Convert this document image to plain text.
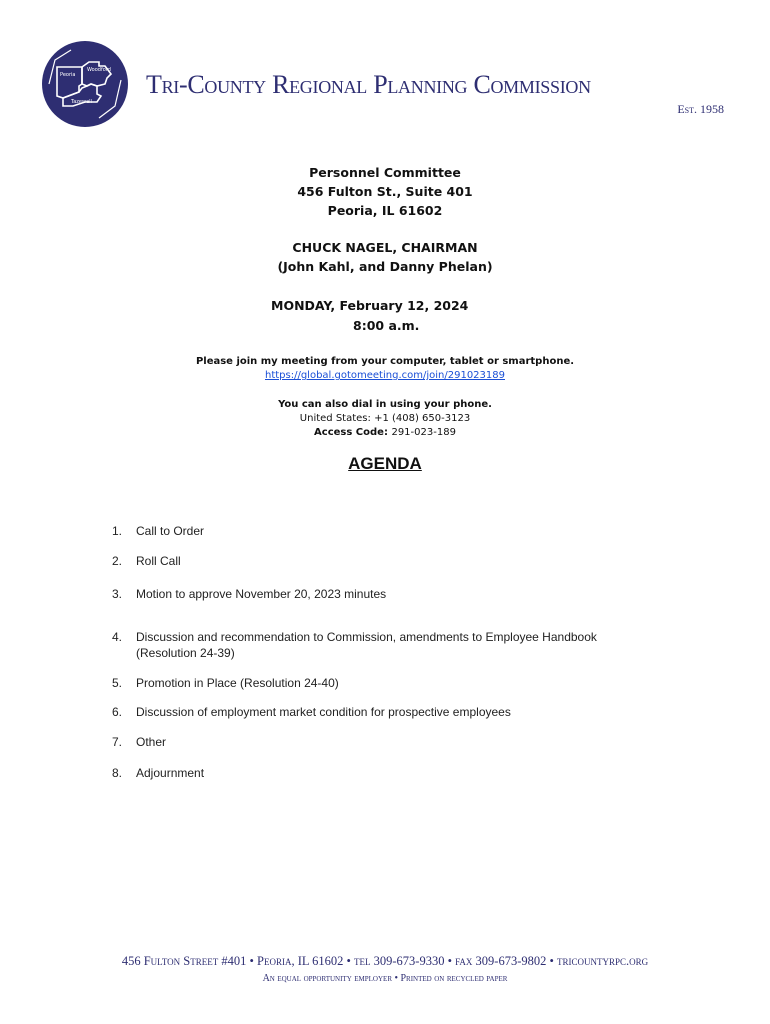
Peoria
Woodford
Tazewell
Tri-County Regional Planning Commission
Est. 1958
Personnel Committee
456 Fulton St., Suite 401
Peoria, IL 61602
CHUCK NAGEL, CHAIRMAN
(John Kahl, and Danny Phelan)
MONDAY, February 12, 2024
8:00 a.m.
Please join my meeting from your computer, tablet or smartphone.
https://global.gotomeeting.com/join/291023189
You can also dial in using your phone.
United States: +1 (408) 650-3123
Access Code: 291-023-189
AGENDA
1. Call to Order
2. Roll Call
3. Motion to approve November 20, 2023 minutes
4. Discussion and recommendation to Commission, amendments to Employee Handbook
(Resolution 24-39)
5. Promotion in Place (Resolution 24-40)
6. Discussion of employment market condition for prospective employees
7. Other
8.Adjournment
456 Fulton Street #401 • Peoria, IL 61602 • tel 309-673-9330 • fax 309-673-9802 • tricountyrpc.org
An equal opportunity employer • Printed on recycled paper
